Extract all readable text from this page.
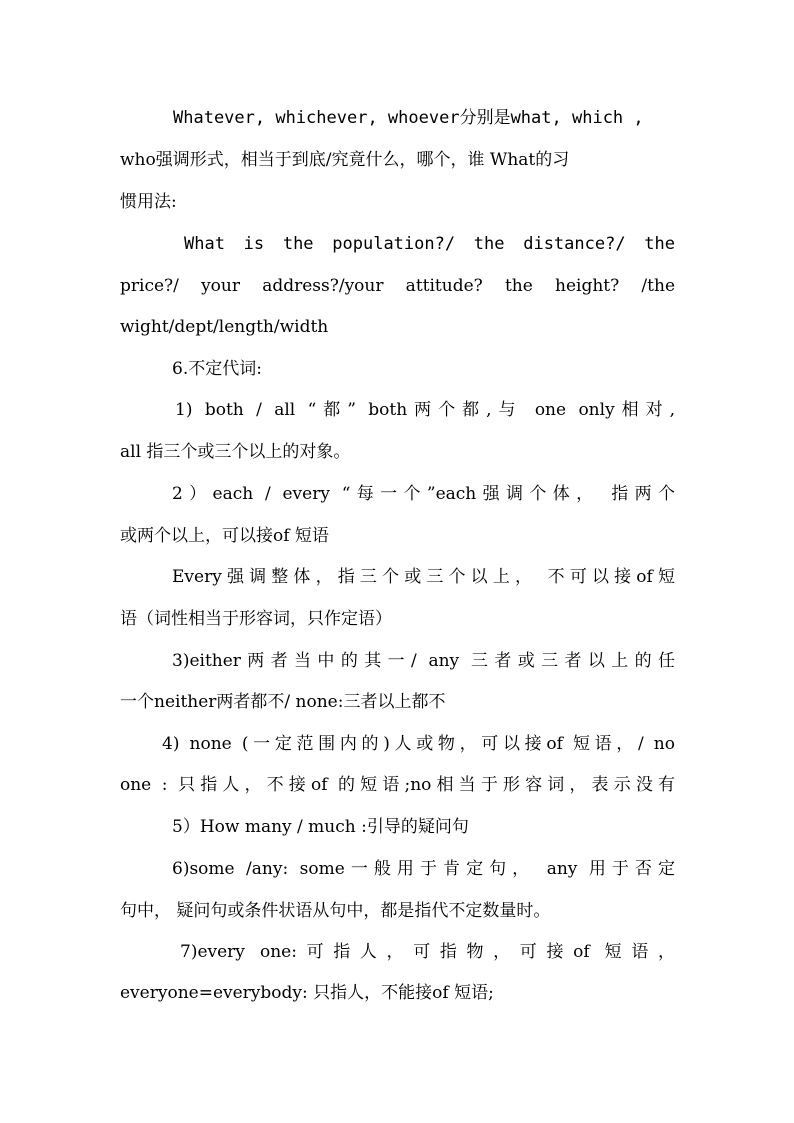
Whatever, whichever, whoever分别是what, which ,
who强调形式，相当于到底/究竟什么，哪个，谁 What的习
惯用法:
What is the population?/ the distance?/ the
price?/ your address?/your attitude? the height? /the
wight/dept/length/width
6.不定代词:
1) both / all “都” both两个都,与 one only相对,
all 指三个或三个以上的对象。
2）each / every “每一个”each强调个体， 指两个
或两个以上，可以接of 短语
Every强调整体，指三个或三个以上， 不可以接of短
语（词性相当于形容词，只作定语）
3)either两者当中的其一/ any 三者或三者以上的任
一个neither两者都不/ none:三者以上都不
4) none (一定范围内的)人或物，可以接of 短语，/ no
one : 只指人，不接of 的短语;no相当于形容词，表示没有
5）How many / much :引导的疑问句
6)some /any: some一般用于肯定句， any 用于否定
句中， 疑问句或条件状语从句中，都是指代不定数量时。
7)every one:可指人，可指物，可接of 短语，
everyone=everybody: 只指人，不能接of 短语;
